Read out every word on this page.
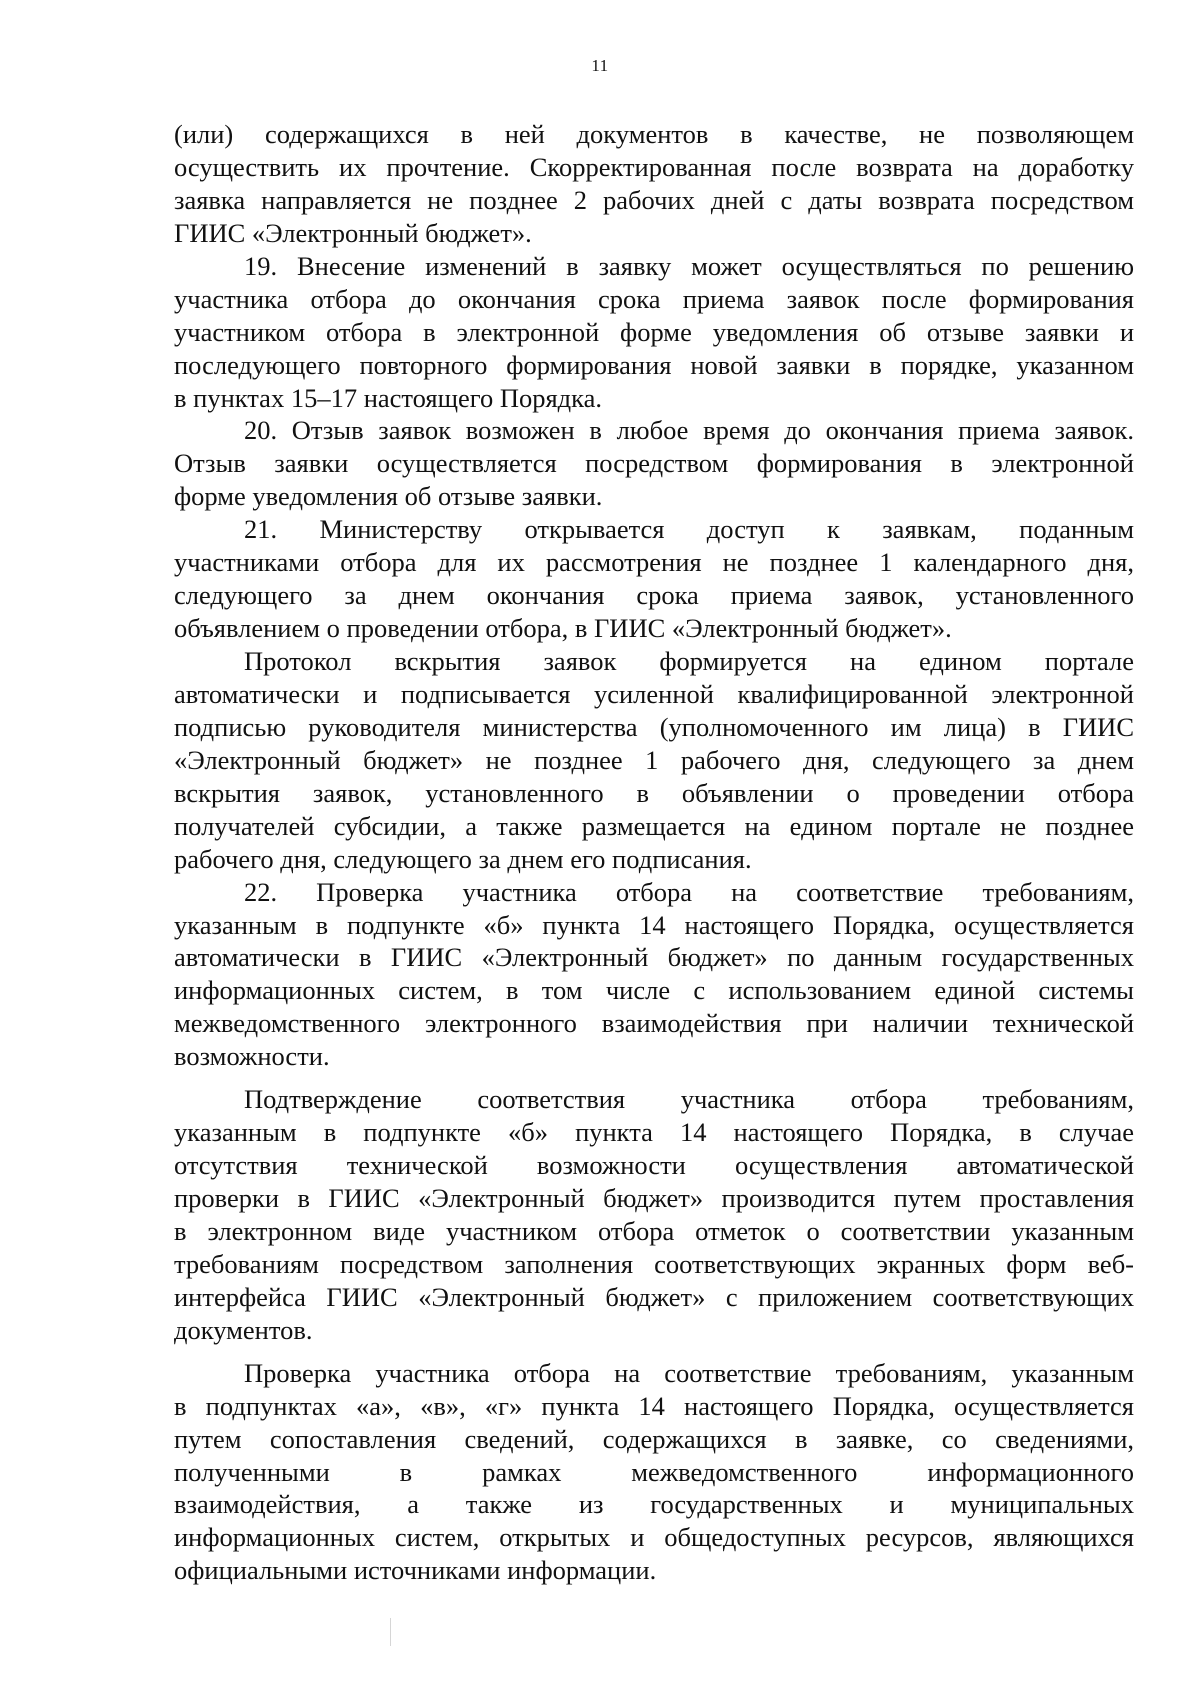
11
(или) содержащихся в ней документов в качестве, не позволяющем
осуществить их прочтение. Скорректированная после возврата на доработку
заявка направляется не позднее 2 рабочих дней с даты возврата посредством
ГИИС «Электронный бюджет».
19. Внесение изменений в заявку может осуществляться по решению
участника отбора до окончания срока приема заявок после формирования
участником отбора в электронной форме уведомления об отзыве заявки и
последующего повторного формирования новой заявки в порядке, указанном
в пунктах 15–17 настоящего Порядка.
20. Отзыв заявок возможен в любое время до окончания приема заявок.
Отзыв заявки осуществляется посредством формирования в электронной
форме уведомления об отзыве заявки.
21. Министерству открывается доступ к заявкам, поданным
участниками отбора для их рассмотрения не позднее 1 календарного дня,
следующего за днем окончания срока приема заявок, установленного
объявлением о проведении отбора, в ГИИС «Электронный бюджет».
Протокол вскрытия заявок формируется на едином портале
автоматически и подписывается усиленной квалифицированной электронной
подписью руководителя министерства (уполномоченного им лица) в ГИИС
«Электронный бюджет» не позднее 1 рабочего дня, следующего за днем
вскрытия заявок, установленного в объявлении о проведении отбора
получателей субсидии, а также размещается на едином портале не позднее
рабочего дня, следующего за днем его подписания.
22. Проверка участника отбора на соответствие требованиям,
указанным в подпункте «б» пункта 14 настоящего Порядка, осуществляется
автоматически в ГИИС «Электронный бюджет» по данным государственных
информационных систем, в том числе с использованием единой системы
межведомственного электронного взаимодействия при наличии технической
возможности.
Подтверждение соответствия участника отбора требованиям,
указанным в подпункте «б» пункта 14 настоящего Порядка, в случае
отсутствия технической возможности осуществления автоматической
проверки в ГИИС «Электронный бюджет» производится путем проставления
в электронном виде участником отбора отметок о соответствии указанным
требованиям посредством заполнения соответствующих экранных форм веб-
интерфейса ГИИС «Электронный бюджет» с приложением соответствующих
документов.
Проверка участника отбора на соответствие требованиям, указанным
в подпунктах «а», «в», «г» пункта 14 настоящего Порядка, осуществляется
путем сопоставления сведений, содержащихся в заявке, со сведениями,
полученными в рамках межведомственного информационного
взаимодействия, а также из государственных и муниципальных
информационных систем, открытых и общедоступных ресурсов, являющихся
официальными источниками информации.
